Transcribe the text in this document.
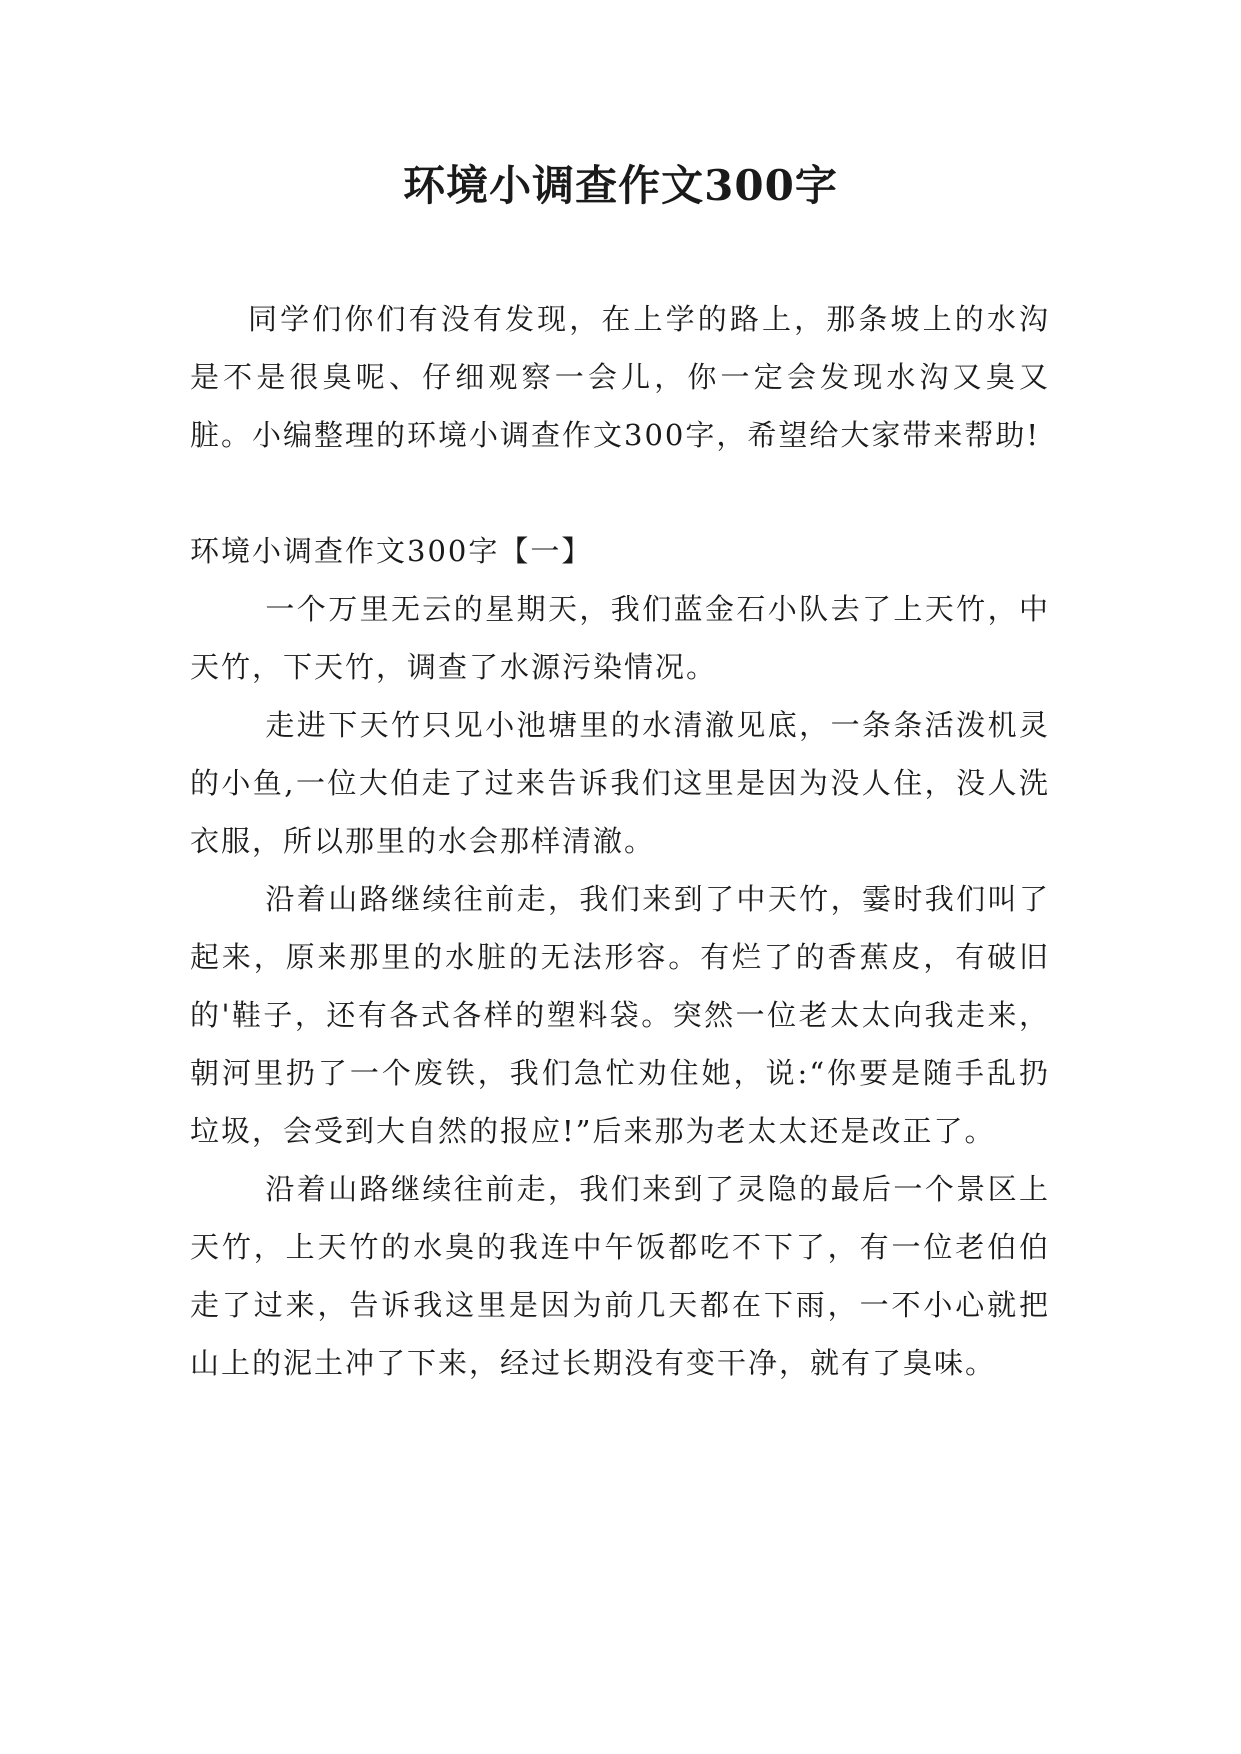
环境小调查作文300字

同学们你们有没有发现，在上学的路上，那条坡上的水沟是不是很臭呢、仔细观察一会儿，你一定会发现水沟又臭又脏。小编整理的环境小调查作文300字，希望给大家带来帮助!

环境小调查作文300字【一】

一个万里无云的星期天，我们蓝金石小队去了上天竹，中天竹，下天竹，调查了水源污染情况。

走进下天竹只见小池塘里的水清澈见底，一条条活泼机灵的小鱼,一位大伯走了过来告诉我们这里是因为没人住，没人洗衣服，所以那里的水会那样清澈。

沿着山路继续往前走，我们来到了中天竹，霎时我们叫了起来，原来那里的水脏的无法形容。有烂了的香蕉皮，有破旧的'鞋子，还有各式各样的塑料袋。突然一位老太太向我走来，朝河里扔了一个废铁，我们急忙劝住她，说:“你要是随手乱扔垃圾，会受到大自然的报应!”后来那为老太太还是改正了。

沿着山路继续往前走，我们来到了灵隐的最后一个景区上天竹，上天竹的水臭的我连中午饭都吃不下了，有一位老伯伯走了过来，告诉我这里是因为前几天都在下雨，一不小心就把山上的泥土冲了下来，经过长期没有变干净，就有了臭味。
